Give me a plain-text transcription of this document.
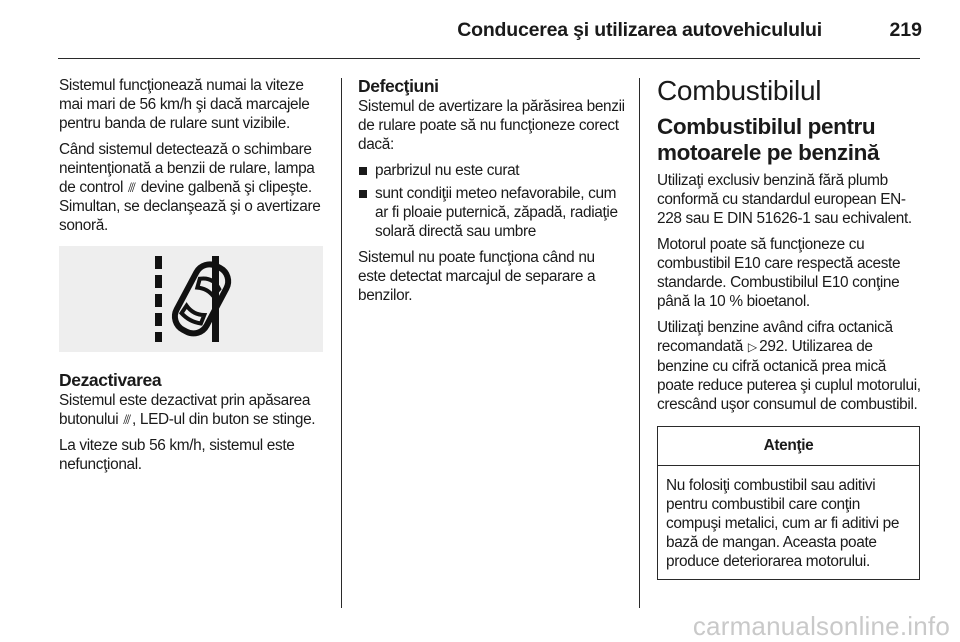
Conducerea şi utilizarea autovehiculului	219

Sistemul funcţionează numai la viteze mai mari de 56 km/h şi dacă marcajele pentru banda de rulare sunt vizibile.

Când sistemul detectează o schimbare neintenţionată a benzii de rulare, lampa de control ⫻ devine galbenă şi clipeşte. Simultan, se declanşează şi o avertizare sonoră.

Dezactivarea

Sistemul este dezactivat prin apăsarea butonului ⫻, LED-ul din buton se stinge.

La viteze sub 56 km/h, sistemul este nefuncţional.

Defecţiuni

Sistemul de avertizare la părăsirea benzii de rulare poate să nu funcţioneze corect dacă:

parbrizul nu este curat
sunt condiţii meteo nefavorabile, cum ar fi ploaie puternică, zăpadă, radiaţie solară directă sau umbre

Sistemul nu poate funcţiona când nu este detectat marcajul de separare a benzilor.

Combustibilul
Combustibilul pentru motoarele pe benzină

Utilizaţi exclusiv benzină fără plumb conformă cu standardul european EN-228 sau E DIN 51626-1 sau echivalent.

Motorul poate să funcţioneze cu combustibil E10 care respectă aceste standarde. Combustibilul E10 conţine până la 10 % bioetanol.

Utilizaţi benzine având cifra octanică recomandată ▷ 292. Utilizarea de benzine cu cifră octanică prea mică poate reduce puterea şi cuplul motorului, crescând uşor consumul de combustibil.

Atenţie
Nu folosiţi combustibil sau aditivi pentru combustibil care conţin compuşi metalici, cum ar fi aditivi pe bază de mangan. Aceasta poate produce deteriorarea motorului.
carmanualsonline.info
